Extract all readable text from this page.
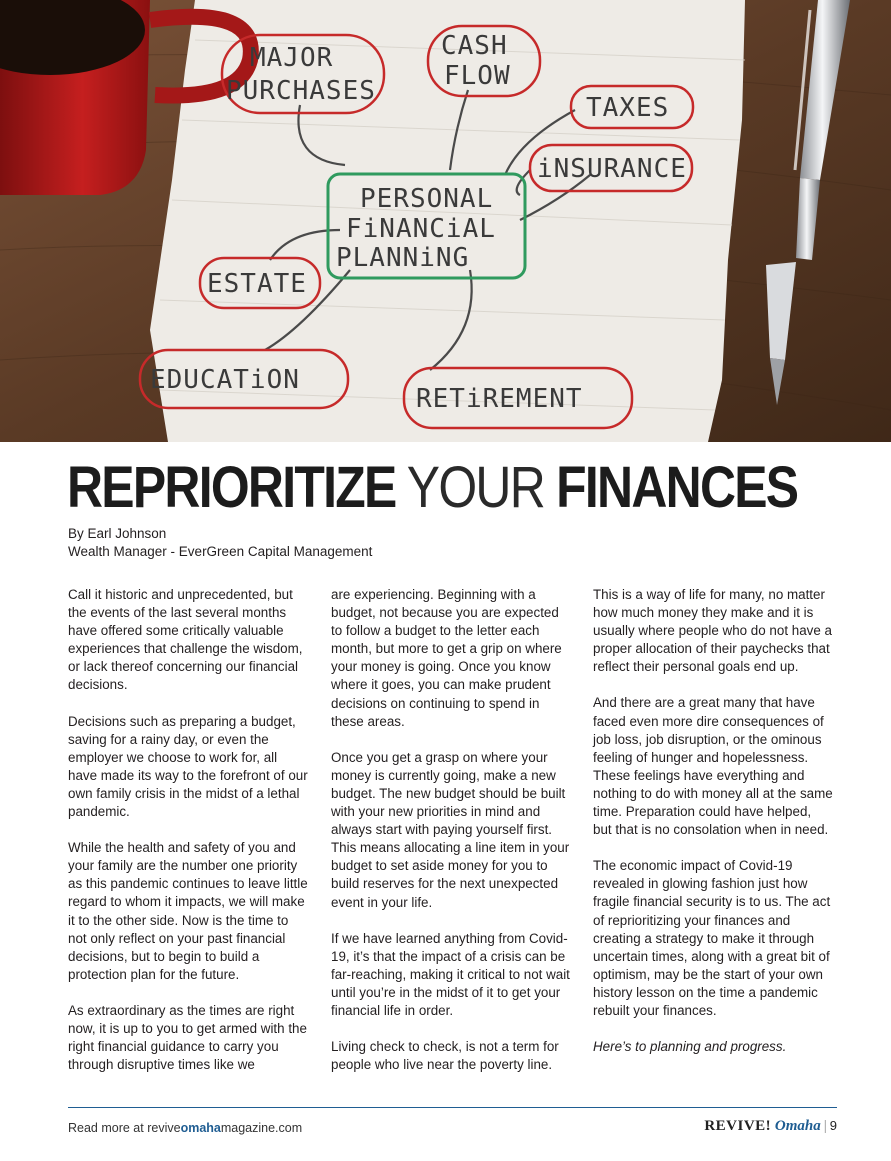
MAJOR
PURCHASES
CASH
FLOW
TAXES
iNSURANCE
PERSONAL
FiNANCiAL
PLANNiNG
ESTATE
EDUCATiON
RETiREMENT
REPRIORITIZE YOUR FINANCES
By Earl Johnson
Wealth Manager - EverGreen Capital Management

Call it historic and unprecedented, but the events of the last several months have offered some critically valuable experiences that challenge the wisdom, or lack thereof concerning our financial decisions.

Decisions such as preparing a budget, saving for a rainy day, or even the employer we choose to work for, all have made its way to the forefront of our own family crisis in the midst of a lethal pandemic.

While the health and safety of you and your family are the number one priority as this pandemic continues to leave little regard to whom it impacts, we will make it to the other side. Now is the time to not only reflect on your past financial decisions, but to begin to build a protection plan for the future.

As extraordinary as the times are right now, it is up to you to get armed with the right financial guidance to carry you through disruptive times like we

are experiencing. Beginning with a budget, not because you are expected to follow a budget to the letter each month, but more to get a grip on where your money is going. Once you know where it goes, you can make prudent decisions on continuing to spend in these areas.

Once you get a grasp on where your money is currently going, make a new budget. The new budget should be built with your new priorities in mind and always start with paying yourself first. This means allocating a line item in your budget to set aside money for you to build reserves for the next unexpected event in your life.

If we have learned anything from Covid-19, it’s that the impact of a crisis can be far-reaching, making it critical to not wait until you’re in the midst of it to get your financial life in order.

Living check to check, is not a term for people who live near the poverty line.

This is a way of life for many, no matter how much money they make and it is usually where people who do not have a proper allocation of their paychecks that reflect their personal goals end up.

And there are a great many that have faced even more dire consequences of job loss, job disruption, or the ominous feeling of hunger and hopelessness. These feelings have everything and nothing to do with money all at the same time. Preparation could have helped, but that is no consolation when in need.

The economic impact of Covid-19 revealed in glowing fashion just how fragile financial security is to us. The act of reprioritizing your finances and creating a strategy to make it through uncertain times, along with a great bit of optimism, may be the start of your own history lesson on the time a pandemic rebuilt your finances.

Here’s to planning and progress.

Read more at reviveomahamagazine.com	REVIVE! Omaha | 9
